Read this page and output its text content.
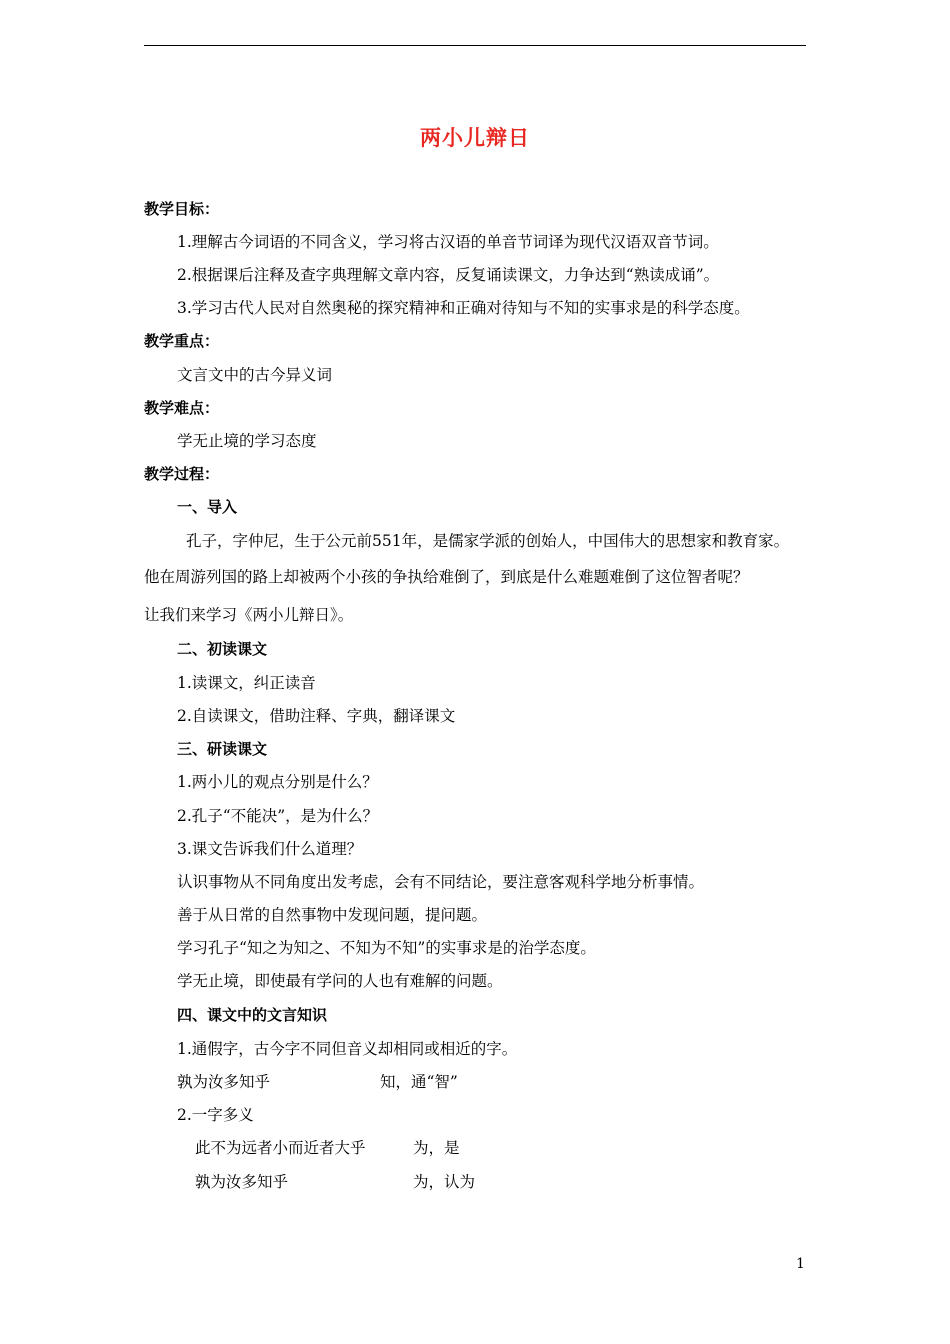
两小儿辩日
教学目标：
1.理解古今词语的不同含义，学习将古汉语的单音节词译为现代汉语双音节词。
2.根据课后注释及查字典理解文章内容，反复诵读课文，力争达到“熟读成诵”。
3.学习古代人民对自然奥秘的探究精神和正确对待知与不知的实事求是的科学态度。
教学重点：
文言文中的古今异义词
教学难点：
学无止境的学习态度
教学过程：
一、导入
孔子，字仲尼，生于公元前551年，是儒家学派的创始人，中国伟大的思想家和教育家。
他在周游列国的路上却被两个小孩的争执给难倒了，到底是什么难题难倒了这位智者呢？
让我们来学习《两小儿辩日》。
二、初读课文
1.读课文，纠正读音
2.自读课文，借助注释、字典，翻译课文
三、研读课文
1.两小儿的观点分别是什么？
2.孔子“不能决”，是为什么？
3.课文告诉我们什么道理？
认识事物从不同角度出发考虑，会有不同结论，要注意客观科学地分析事情。
善于从日常的自然事物中发现问题，提问题。
学习孔子“知之为知之、不知为不知”的实事求是的治学态度。
学无止境，即使最有学问的人也有难解的问题。
四、课文中的文言知识
1.通假字，古今字不同但音义却相同或相近的字。
孰为汝多知乎	知，通“智”
2.一字多义
此不为远者小而近者大乎	为，是
孰为汝多知乎	为，认为
1
